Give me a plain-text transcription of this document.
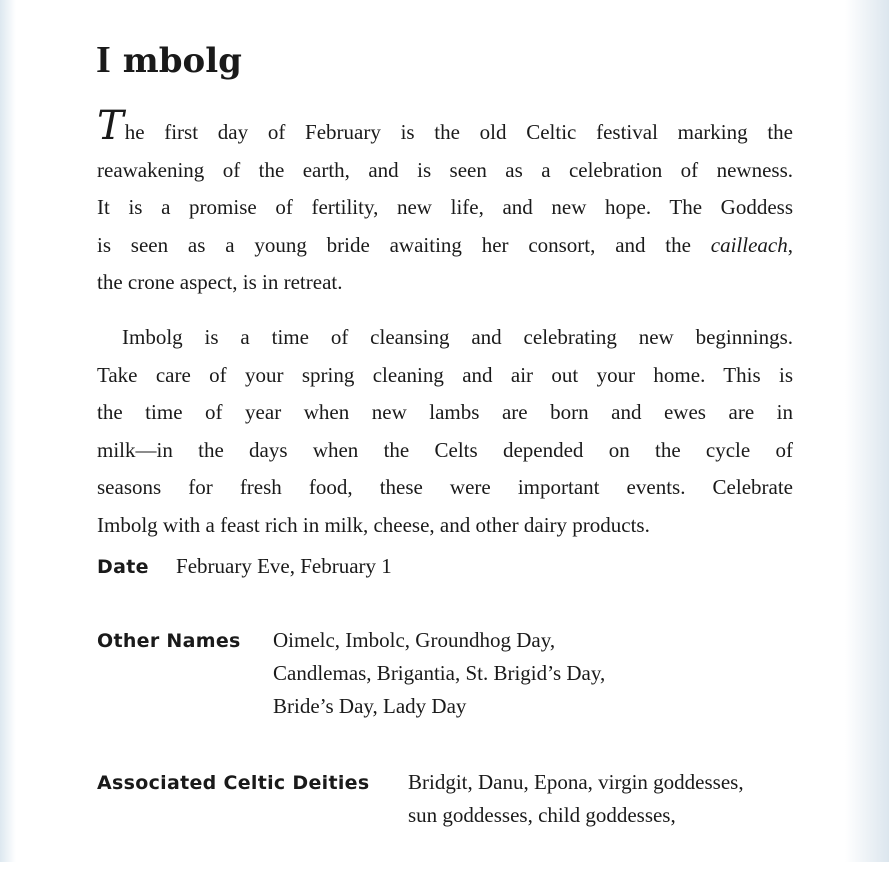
I mbolg

The first day of February is the old Celtic festival marking the
reawakening of the earth, and is seen as a celebration of newness.
It is a promise of fertility, new life, and new hope. The Goddess
is seen as a young bride awaiting her consort, and the cailleach,
the crone aspect, is in retreat.

Imbolg is a time of cleansing and celebrating new beginnings.
Take care of your spring cleaning and air out your home. This is
the time of year when new lambs are born and ewes are in
milk—in the days when the Celts depended on the cycle of
seasons for fresh food, these were important events. Celebrate
Imbolg with a feast rich in milk, cheese, and other dairy products.

Date February Eve, February 1
Other Names Oimelc, Imbolc, Groundhog Day,
Candlemas, Brigantia, St. Brigid’s Day,
Bride’s Day, Lady Day
Associated Celtic Deities Bridgit, Danu, Epona, virgin goddesses,
sun goddesses, child goddesses,
